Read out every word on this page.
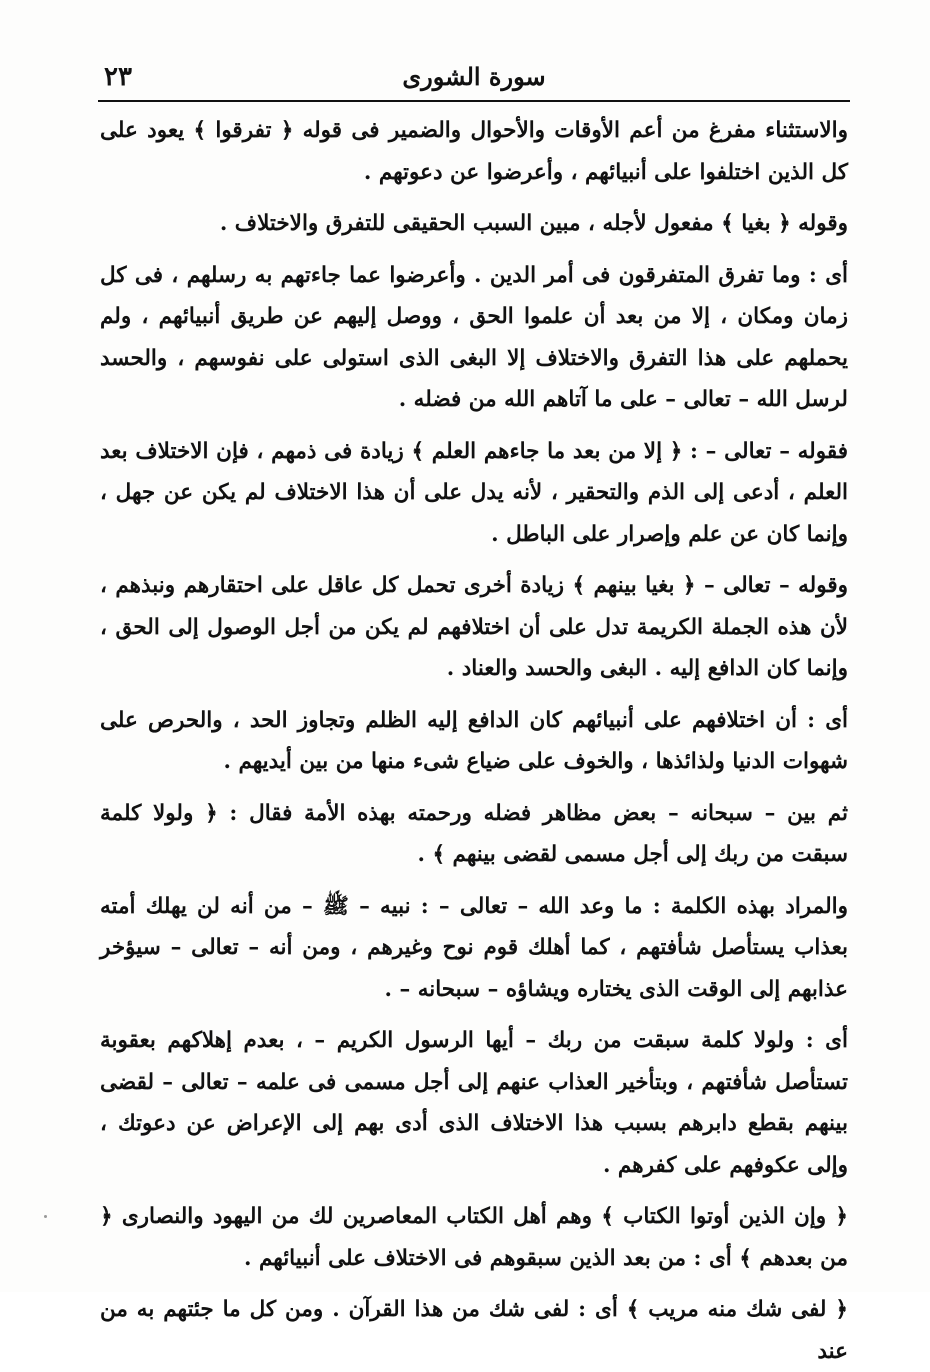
٢٣	سورة الشورى

والاستثناء مفرغ من أعم الأوقات والأحوال والضمير فى قوله ﴿ تفرقوا ﴾ يعود على كل الذين اختلفوا على أنبيائهم ، وأعرضوا عن دعوتهم .

وقوله ﴿ بغيا ﴾ مفعول لأجله ، مبين السبب الحقيقى للتفرق والاختلاف .

أى : وما تفرق المتفرقون فى أمر الدين . وأعرضوا عما جاءتهم به رسلهم ، فى كل زمان ومكان ، إلا من بعد أن علموا الحق ، ووصل إليهم عن طريق أنبيائهم ، ولم يحملهم على هذا التفرق والاختلاف إلا البغى الذى استولى على نفوسهم ، والحسد لرسل الله – تعالى – على ما آتاهم الله من فضله .

فقوله – تعالى – : ﴿ إلا من بعد ما جاءهم العلم ﴾ زيادة فى ذمهم ، فإن الاختلاف بعد العلم ، أدعى إلى الذم والتحقير ، لأنه يدل على أن هذا الاختلاف لم يكن عن جهل ، وإنما كان عن علم وإصرار على الباطل .

وقوله – تعالى – ﴿ بغيا بينهم ﴾ زيادة أخرى تحمل كل عاقل على احتقارهم ونبذهم ، لأن هذه الجملة الكريمة تدل على أن اختلافهم لم يكن من أجل الوصول إلى الحق ، وإنما كان الدافع إليه . البغى والحسد والعناد .

أى : أن اختلافهم على أنبيائهم كان الدافع إليه الظلم وتجاوز الحد ، والحرص على شهوات الدنيا ولذائذها ، والخوف على ضياع شىء منها من بين أيديهم .

ثم بين – سبحانه – بعض مظاهر فضله ورحمته بهذه الأمة فقال : ﴿ ولولا كلمة سبقت من ربك إلى أجل مسمى لقضى بينهم ﴾ .

والمراد بهذه الكلمة : ما وعد الله – تعالى – : نبيه – ﷺ – من أنه لن يهلك أمته بعذاب يستأصل شأفتهم ، كما أهلك قوم نوح وغيرهم ، ومن أنه – تعالى – سيؤخر عذابهم إلى الوقت الذى يختاره ويشاؤه – سبحانه – .

أى : ولولا كلمة سبقت من ربك – أيها الرسول الكريم – ، بعدم إهلاكهم بعقوبة تستأصل شأفتهم ، وبتأخير العذاب عنهم إلى أجل مسمى فى علمه – تعالى – لقضى بينهم بقطع دابرهم بسبب هذا الاختلاف الذى أدى بهم إلى الإعراض عن دعوتك ، وإلى عكوفهم على كفرهم .

﴿ وإن الذين أوتوا الكتاب ﴾ وهم أهل الكتاب المعاصرين لك من اليهود والنصارى ﴿ من بعدهم ﴾ أى : من بعد الذين سبقوهم فى الاختلاف على أنبيائهم .

﴿ لفى شك منه مريب ﴾ أى : لفى شك من هذا القرآن . ومن كل ما جئتهم به من عند
